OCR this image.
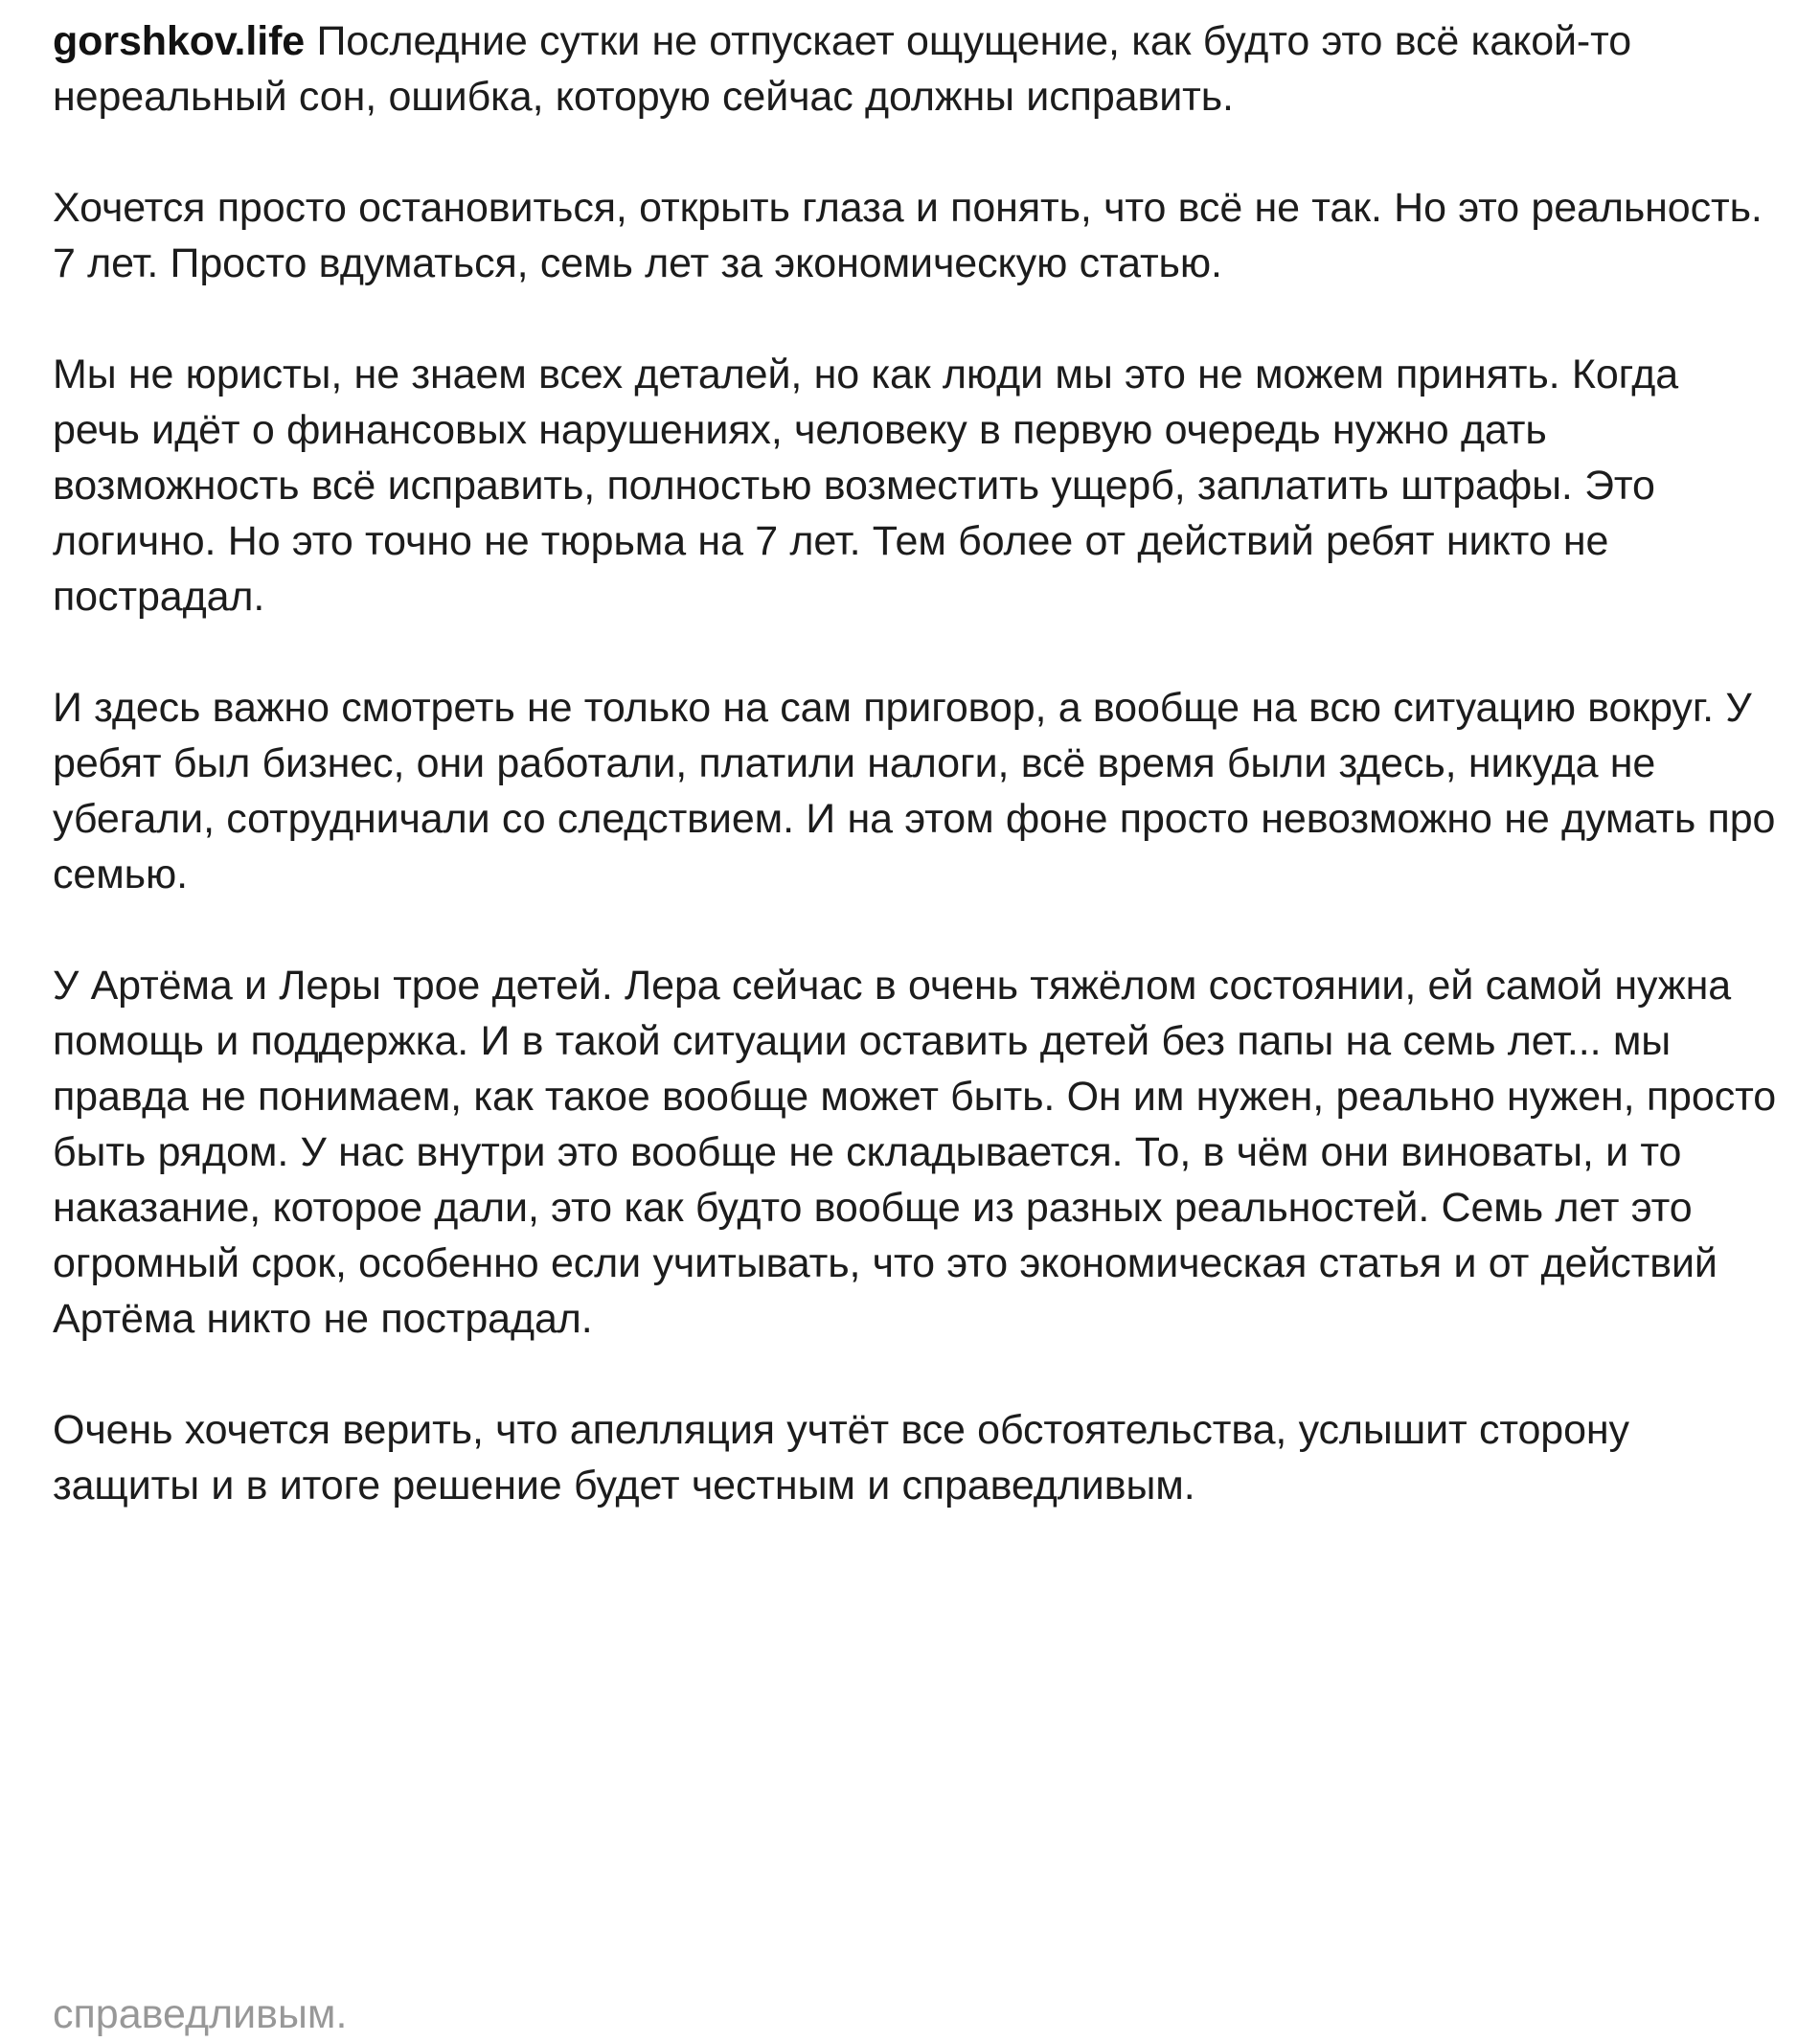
gorshkov.life Последние сутки не отпускает ощущение, как будто это всё какой-то нереальный сон, ошибка, которую сейчас должны исправить.

Хочется просто остановиться, открыть глаза и понять, что всё не так. Но это реальность. 7 лет. Просто вдуматься, семь лет за экономическую статью.

Мы не юристы, не знаем всех деталей, но как люди мы это не можем принять. Когда речь идёт о финансовых нарушениях, человеку в первую очередь нужно дать возможность всё исправить, полностью возместить ущерб, заплатить штрафы. Это логично. Но это точно не тюрьма на 7 лет. Тем более от действий ребят никто не пострадал.

И здесь важно смотреть не только на сам приговор, а вообще на всю ситуацию вокруг. У ребят был бизнес, они работали, платили налоги, всё время были здесь, никуда не убегали, сотрудничали со следствием. И на этом фоне просто невозможно не думать про семью.

У Артёма и Леры трое детей. Лера сейчас в очень тяжёлом состоянии, ей самой нужна помощь и поддержка. И в такой ситуации оставить детей без папы на семь лет... мы правда не понимаем, как такое вообще может быть. Он им нужен, реально нужен, просто быть рядом. У нас внутри это вообще не складывается. То, в чём они виноваты, и то наказание, которое дали, это как будто вообще из разных реальностей. Семь лет это огромный срок, особенно если учитывать, что это экономическая статья и от действий Артёма никто не пострадал.

Очень хочется верить, что апелляция учтёт все обстоятельства, услышит сторону защиты и в итоге решение будет честным и справедливым.

справедливым.
